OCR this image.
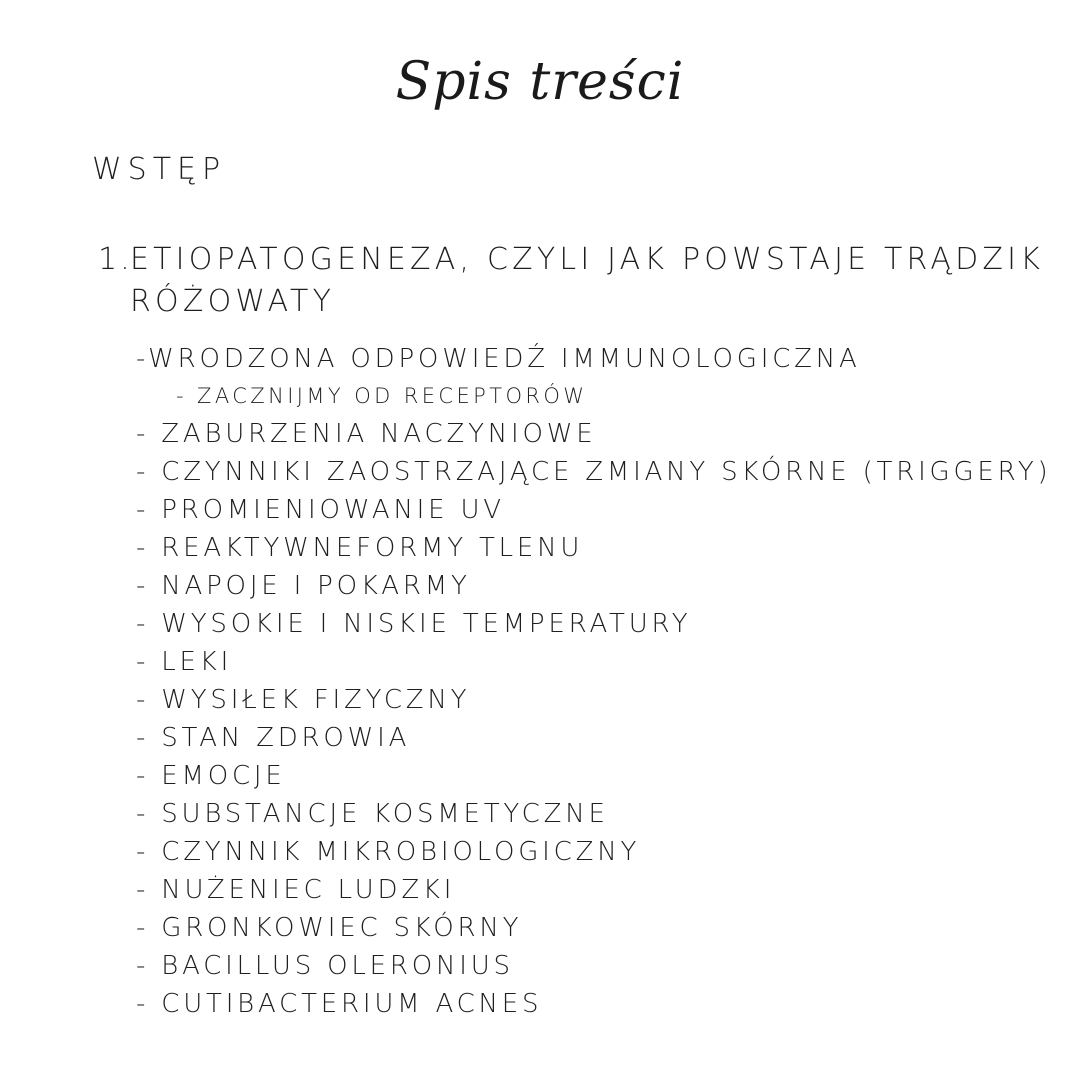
Spis treści
WSTĘP
1.
ETIOPATOGENEZA, CZYLI JAK POWSTAJE TRĄDZIK
RÓŻOWATY
-WRODZONA ODPOWIEDŹ IMMUNOLOGICZNA
- ZACZNIJMY OD RECEPTORÓW
- ZABURZENIA NACZYNIOWE
- CZYNNIKI ZAOSTRZAJĄCE ZMIANY SKÓRNE (TRIGGERY)
- PROMIENIOWANIE UV
- REAKTYWNEFORMY TLENU
- NAPOJE I POKARMY
- WYSOKIE I NISKIE TEMPERATURY
- LEKI
- WYSIŁEK FIZYCZNY
- STAN ZDROWIA
- EMOCJE
- SUBSTANCJE KOSMETYCZNE
- CZYNNIK MIKROBIOLOGICZNY
- NUŻENIEC LUDZKI
- GRONKOWIEC SKÓRNY
- BACILLUS OLERONIUS
- CUTIBACTERIUM ACNES
